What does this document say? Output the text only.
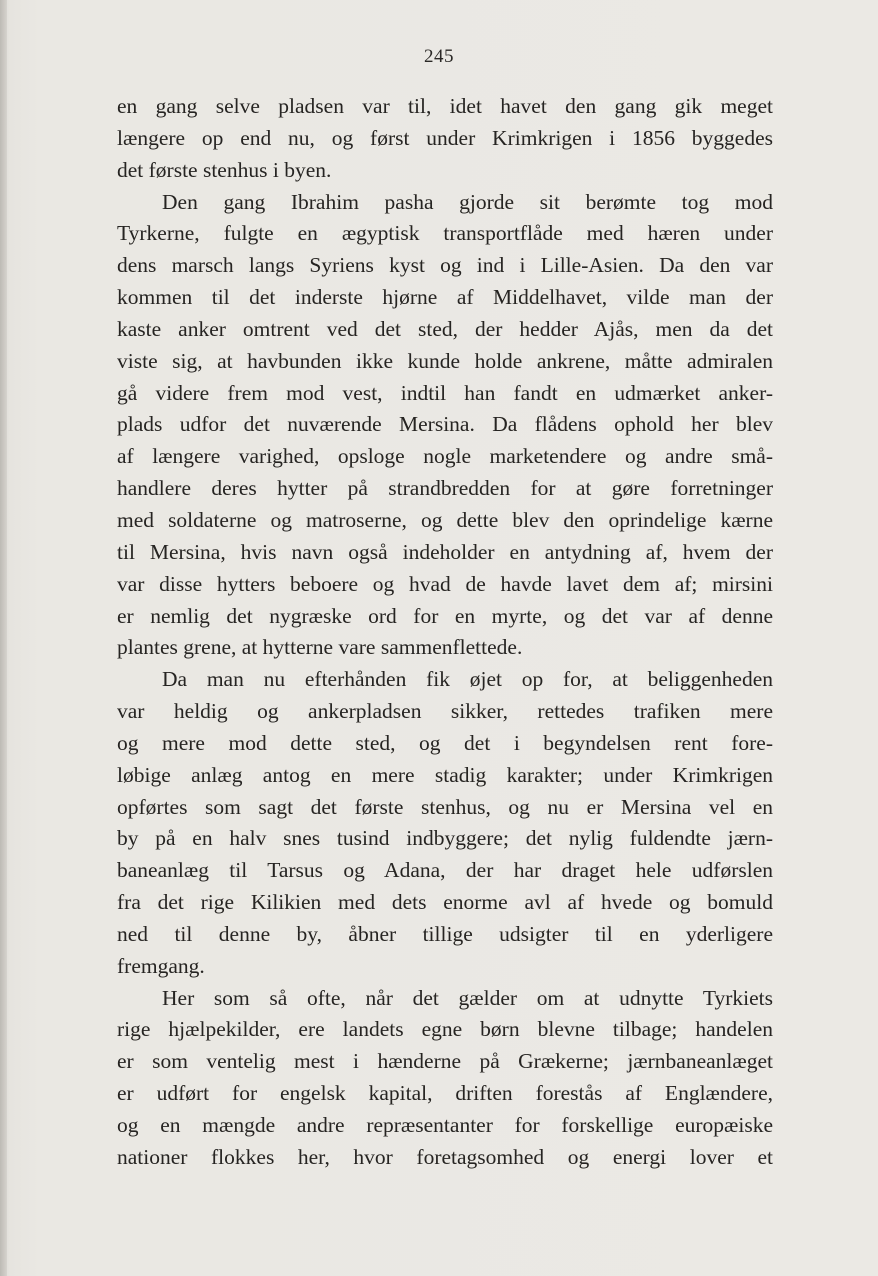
245
en gang selve pladsen var til, idet havet den gang gik meget
længere op end nu, og først under Krimkrigen i 1856 byggedes
det første stenhus i byen.
Den gang Ibrahim pasha gjorde sit berømte tog mod
Tyrkerne, fulgte en ægyptisk transportflåde med hæren under
dens marsch langs Syriens kyst og ind i Lille-Asien. Da den var
kommen til det inderste hjørne af Middelhavet, vilde man der
kaste anker omtrent ved det sted, der hedder Ajås, men da det
viste sig, at havbunden ikke kunde holde ankrene, måtte admiralen
gå videre frem mod vest, indtil han fandt en udmærket anker-
plads udfor det nuværende Mersina. Da flådens ophold her blev
af længere varighed, opsloge nogle marketendere og andre små-
handlere deres hytter på strandbredden for at gøre forretninger
med soldaterne og matroserne, og dette blev den oprindelige kærne
til Mersina, hvis navn også indeholder en antydning af, hvem der
var disse hytters beboere og hvad de havde lavet dem af; mirsini
er nemlig det nygræske ord for en myrte, og det var af denne
plantes grene, at hytterne vare sammenflettede.
Da man nu efterhånden fik øjet op for, at beliggenheden
var heldig og ankerpladsen sikker, rettedes trafiken mere
og mere mod dette sted, og det i begyndelsen rent fore-
løbige anlæg antog en mere stadig karakter; under Krimkrigen
opførtes som sagt det første stenhus, og nu er Mersina vel en
by på en halv snes tusind indbyggere; det nylig fuldendte jærn-
baneanlæg til Tarsus og Adana, der har draget hele udførslen
fra det rige Kilikien med dets enorme avl af hvede og bomuld
ned til denne by, åbner tillige udsigter til en yderligere
fremgang.
Her som så ofte, når det gælder om at udnytte Tyrkiets
rige hjælpekilder, ere landets egne børn blevne tilbage; handelen
er som ventelig mest i hænderne på Grækerne; jærnbaneanlæget
er udført for engelsk kapital, driften forestås af Englændere,
og en mængde andre repræsentanter for forskellige europæiske
nationer flokkes her, hvor foretagsomhed og energi lover et
